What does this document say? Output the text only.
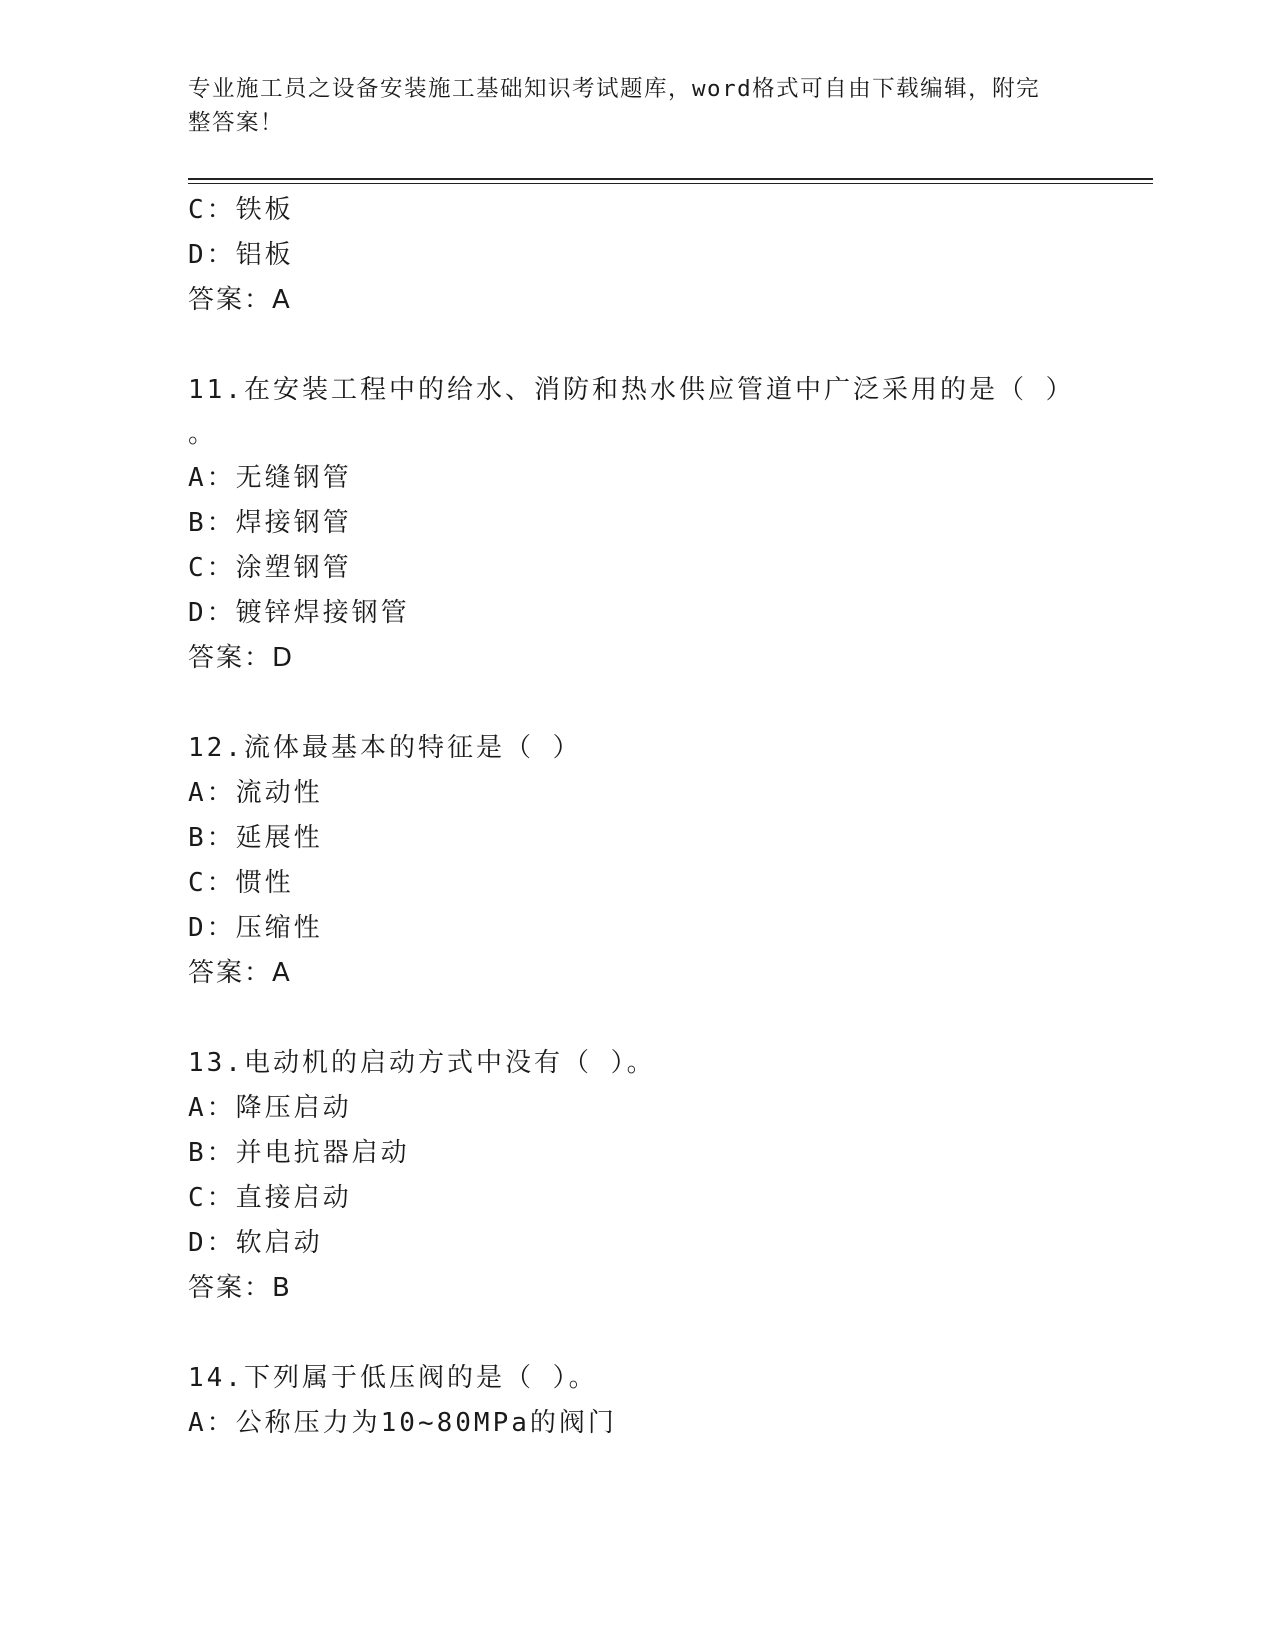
专业施工员之设备安装施工基础知识考试题库，word格式可自由下载编辑，附完
整答案！
C：铁板
D：铝板
答案：A
11.在安装工程中的给水、消防和热水供应管道中广泛采用的是（ ）
。
A：无缝钢管
B：焊接钢管
C：涂塑钢管
D：镀锌焊接钢管
答案：D
12.流体最基本的特征是（ ）
A：流动性
B：延展性
C：惯性
D：压缩性
答案：A
13.电动机的启动方式中没有（ ）。
A：降压启动
B：并电抗器启动
C：直接启动
D：软启动
答案：B
14.下列属于低压阀的是（ ）。
A：公称压力为10~80MPa的阀门
